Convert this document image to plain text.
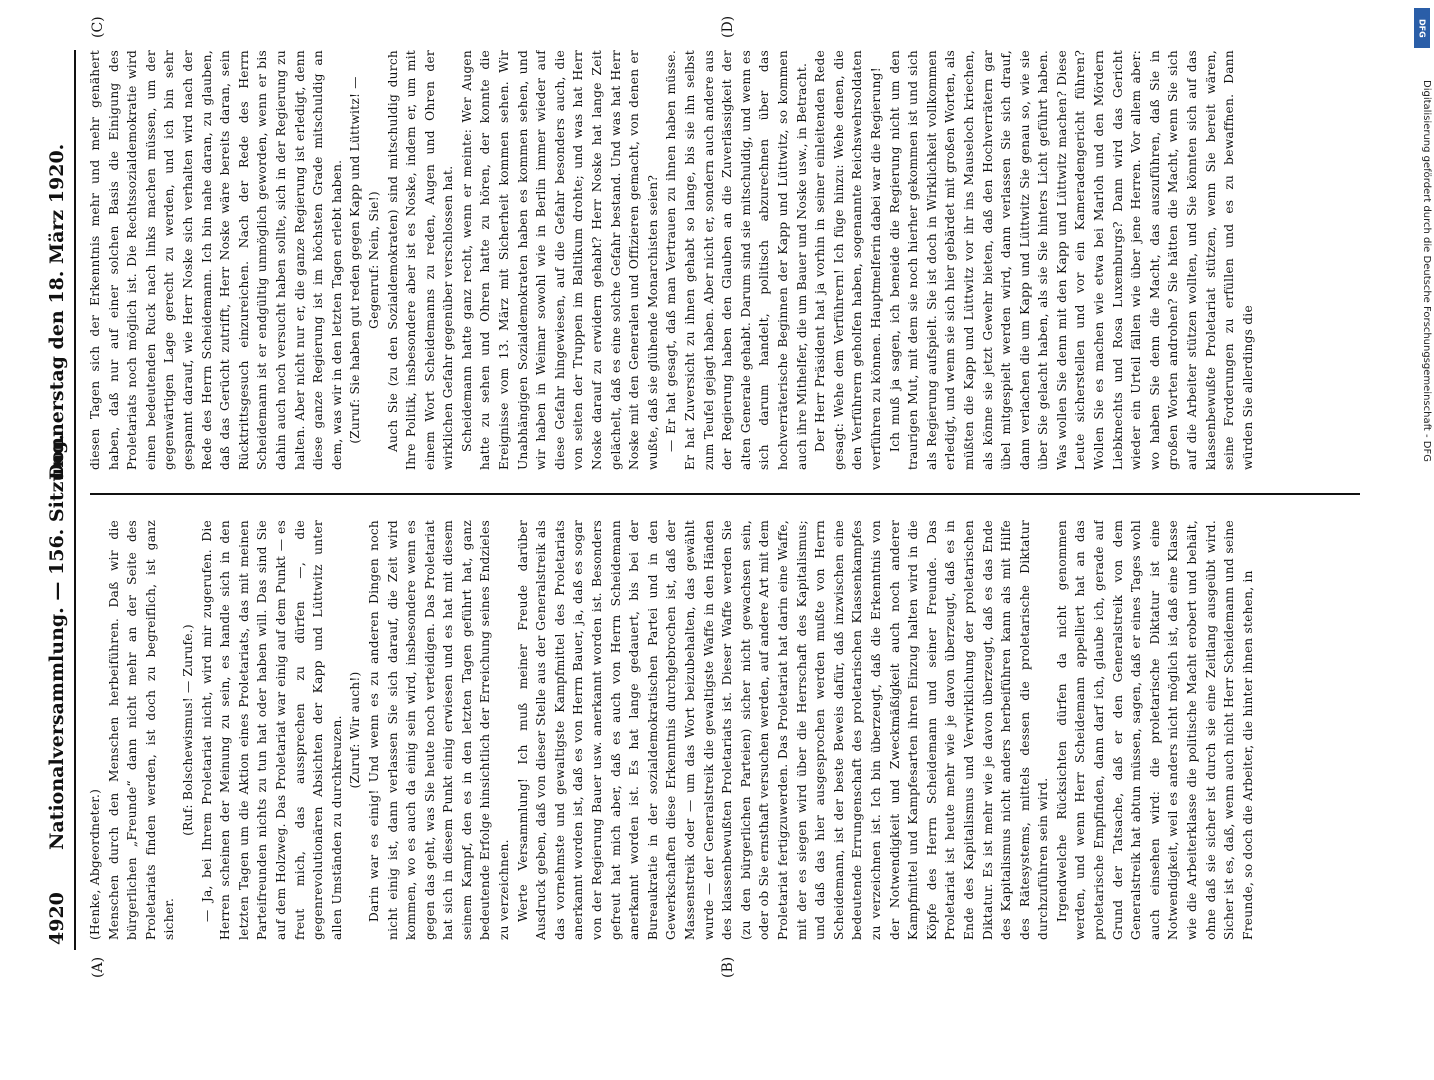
4920
Nationalversammlung. — 156. Sitzung.
Donnerstag den 18. März 1920.
(A)	(B)
(C)	(D)

(Henke, Abgeordneter.) Menschen durch den Menschen herbeiführen. Daß wir die bürgerlichen „Freunde“ dann nicht mehr an der Seite des Proletariats finden werden, ist doch zu begreiflich, ist ganz sicher.

(Ruf: Bolschewismus! — Zurufe.) — Ja, bei Ihrem Proletariat nicht, wird mir zugerufen. Die Herren scheinen der Meinung zu sein, es handle sich in den letzten Tagen um die Aktion eines Proletariats, das mit meinen Parteifreunden nichts zu tun hat oder haben will. Das sind Sie auf dem Holzweg. Das Proletariat war einig auf dem Punkt — es freut mich, das aussprechen zu dürfen —, die gegenrevolutionären Absichten der Kapp und Lüttwitz unter allen Umständen zu durchkreuzen. (Zuruf: Wir auch!) Darin war es einig! Und wenn es zu anderen Dingen noch nicht einig ist, dann verlassen Sie sich darauf, die Zeit wird kommen, wo es auch da einig sein wird, insbesondere wenn es gegen das geht, was Sie heute noch verteidigen. Das Proletariat hat sich in diesem Punkt einig erwiesen und es hat mit diesem seinem Kampf, den es in den letzten Tagen geführt hat, ganz bedeutende Erfolge hinsichtlich der Erreichung seines Endzieles zu verzeichnen. Werte Versammlung! Ich muß meiner Freude darüber Ausdruck geben, daß von dieser Stelle aus der Generalstreik als das vornehmste und gewaltigste Kampfmittel des Proletariats anerkannt worden ist, daß es von Herrn Bauer, ja, daß es sogar von der Regierung Bauer usw. anerkannt worden ist. Besonders gefreut hat mich aber, daß es auch von Herrn Scheidemann anerkannt worden ist. Es hat lange gedauert, bis bei der Bureaukratie in der sozialdemokratischen Partei und in den Gewerkschaften diese Erkenntnis durchgebrochen ist, daß der Massenstreik oder — um das Wort beizubehalten, das gewählt wurde — der Generalstreik die gewaltigste Waffe in den Händen des klassenbewußten Proletariats ist. Dieser Waffe werden Sie (zu den bürgerlichen Parteien) sicher nicht gewachsen sein, oder ob Sie ernsthaft versuchen werden, auf andere Art mit dem Proletariat fertigzuwerden. Das Proletariat hat darin eine Waffe, mit der es siegen wird über die Herrschaft des Kapitalismus; und daß das hier ausgesprochen werden mußte von Herrn Scheidemann, ist der beste Beweis dafür, daß inzwischen eine bedeutende Errungenschaft des proletarischen Klassenkampfes zu verzeichnen ist. Ich bin überzeugt, daß die Erkenntnis von der Notwendigkeit und Zweckmäßigkeit auch noch anderer Kampfmittel und Kampfesarten ihren Einzug halten wird in die Köpfe des Herrn Scheidemann und seiner Freunde. Das Proletariat ist heute mehr wie je davon überzeugt, daß es in Ende des Kapitalismus und Verwirklichung der proletarischen Diktatur. Es ist mehr wie je davon überzeugt, daß es das Ende des Kapitalismus nicht anders herbeiführen kann als mit Hilfe des Rätesystems, mittels dessen die proletarische Diktatur durchzuführen sein wird. Irgendwelche Rücksichten dürfen da nicht genommen werden, und wenn Herr Scheidemann appelliert hat an das proletarische Empfinden, dann darf ich, glaube ich, gerade auf Grund der Tatsache, daß er den Generalstreik von dem Generalstreik hat abtun müssen, sagen, daß er eines Tages wohl auch einsehen wird: die proletarische Diktatur ist eine Notwendigkeit, weil es anders nicht möglich ist, daß eine Klasse wie die Arbeiterklasse die politische Macht erobert und behält, ohne daß sie sicher ist durch sie eine Zeitlang ausgeübt wird. Sicher ist es, daß, wenn auch nicht Herr Scheidemann und seine Freunde, so doch die Arbeiter, die hinter ihnen stehen, in

diesen Tagen sich der Erkenntnis mehr und mehr genähert haben, daß nur auf einer solchen Basis die Einigung des Proletariats noch möglich ist. Die Rechtssozialdemokratie wird einen bedeutenden Ruck nach links machen müssen, um der gegenwärtigen Lage gerecht zu werden, und ich bin sehr gespannt darauf, wie Herr Noske sich verhalten wird nach der Rede des Herrn Scheidemann. Ich bin nahe daran, zu glauben, daß das Gerücht zutrifft, Herr Noske wäre bereits daran, sein Rücktrittsgesuch einzureichen. Nach der Rede des Herrn Scheidemann ist er endgültig unmöglich geworden, wenn er bis dahin auch noch versucht haben sollte, sich in der Regierung zu halten. Aber nicht nur er, die ganze Regierung ist erledigt, denn diese ganze Regierung ist im höchsten Grade mitschuldig an dem, was wir in den letzten Tagen erlebt haben. (Zuruf: Sie haben gut reden gegen Kapp und Lüttwitz! — Gegenruf: Nein, Sie!) Auch Sie (zu den Sozialdemokraten) sind mitschuldig durch Ihre Politik, insbesondere aber ist es Noske, indem er, um mit einem Wort Scheidemanns zu reden, Augen und Ohren der wirklichen Gefahr gegenüber verschlossen hat. Scheidemann hatte ganz recht, wenn er meinte: Wer Augen hatte zu sehen und Ohren hatte zu hören, der konnte die Ereignisse vom 13. März mit Sicherheit kommen sehen. Wir Unabhängigen Sozialdemokraten haben es kommen sehen, und wir haben in Weimar sowohl wie in Berlin immer wieder auf diese Gefahr hingewiesen, auf die Gefahr besonders auch, die von seiten der Truppen im Baltikum drohte; und was hat Herr Noske darauf zu erwidern gehabt? Herr Noske hat lange Zeit gelächelt, daß es eine solche Gefahr bestand. Und was hat Herr Noske mit den Generalen und Offizieren gemacht, von denen er wußte, daß sie glühende Monarchisten seien? — Er hat gesagt, daß man Vertrauen zu ihnen haben müsse. Er hat Zuversicht zu ihnen gehabt so lange, bis sie ihn selbst zum Teufel gejagt haben. Aber nicht er, sondern auch andere aus der Regierung haben den Glauben an die Zuverlässigkeit der alten Generale gehabt. Darum sind sie mitschuldig, und wenn es sich darum handelt, politisch abzurechnen über das hochverräterische Beginnen der Kapp und Lüttwitz, so kommen auch ihre Mithelfer, die um Bauer und Noske usw., in Betracht. Der Herr Präsident hat ja vorhin in seiner einleitenden Rede gesagt: Wehe dem Verführern! Ich füge hinzu: Wehe denen, die den Verführern geholfen haben, sogenannte Reichswehrsoldaten verführen zu können. Hauptmelferin dabei war die Regierung! Ich muß ja sagen, ich beneide die Regierung nicht um den traurigen Mut, mit dem sie noch hierher gekommen ist und sich als Regierung aufspielt. Sie ist doch in Wirklichkeit vollkommen erledigt, und wenn sie sich hier gebärdet mit großen Worten, als müßten die Kapp und Lüttwitz vor ihr ins Mauseloch kriechen, als könne sie jetzt Gewehr bieten, daß den Hochverrätern gar übel mitgespielt werden wird, dann verlassen Sie sich drauf, dann verlachen die um Kapp und Lüttwitz Sie genau so, wie sie über Sie gelacht haben, als sie Sie hinters Licht geführt haben. Was wollen Sie denn mit den Kapp und Lüttwitz machen? Diese Leute sicherstellen und vor ein Kameradengericht führen? Wollen Sie es machen wie etwa bei Marloh und den Mördern Liebknechts und Rosa Luxemburgs? Dann wird das Gericht wieder ein Urteil fällen wie über jene Herren. Vor allem aber: wo haben Sie denn die Macht, das auszuführen, daß Sie in großen Worten androhen? Sie hätten die Macht, wenn Sie sich auf die Arbeiter stützen wollten, und Sie könnten sich auf das klassenbewußte Proletariat stützen, wenn Sie bereit wären, seine Forderungen zu erfüllen und es zu bewaffnen. Dann würden Sie allerdings die

DFG
Digitalisierung gefördert durch die Deutsche Forschungsgemeinschaft - DFG
